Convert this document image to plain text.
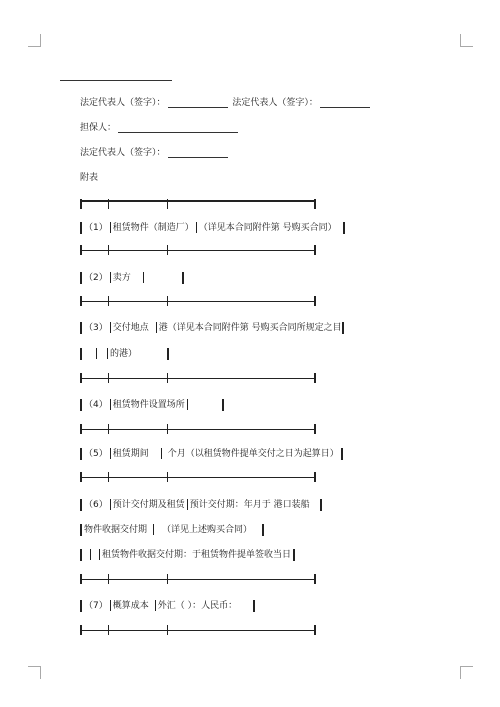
法定代表人（签字）：	法定代表人（签字）：
担保人：
法定代表人（签字）：
附表
（1） 租赁物件（制造厂） （详见本合同附件第 号购买合同）
（2） 卖方
（3） 交付地点 港（详见本合同附件第 号购买合同所规定之目
的港）
（4） 租赁物件设置场所
（5） 租赁期间 个月（以租赁物件提单交付之日为起算日）
（6） 预计交付期及租赁 预计交付期：年月于 港口装船
物件收据交付期 （详见上述购买合同）
租赁物件收据交付期：于租赁物件提单签收当日
（7） 概算成本 外汇（ ）：人民币：
